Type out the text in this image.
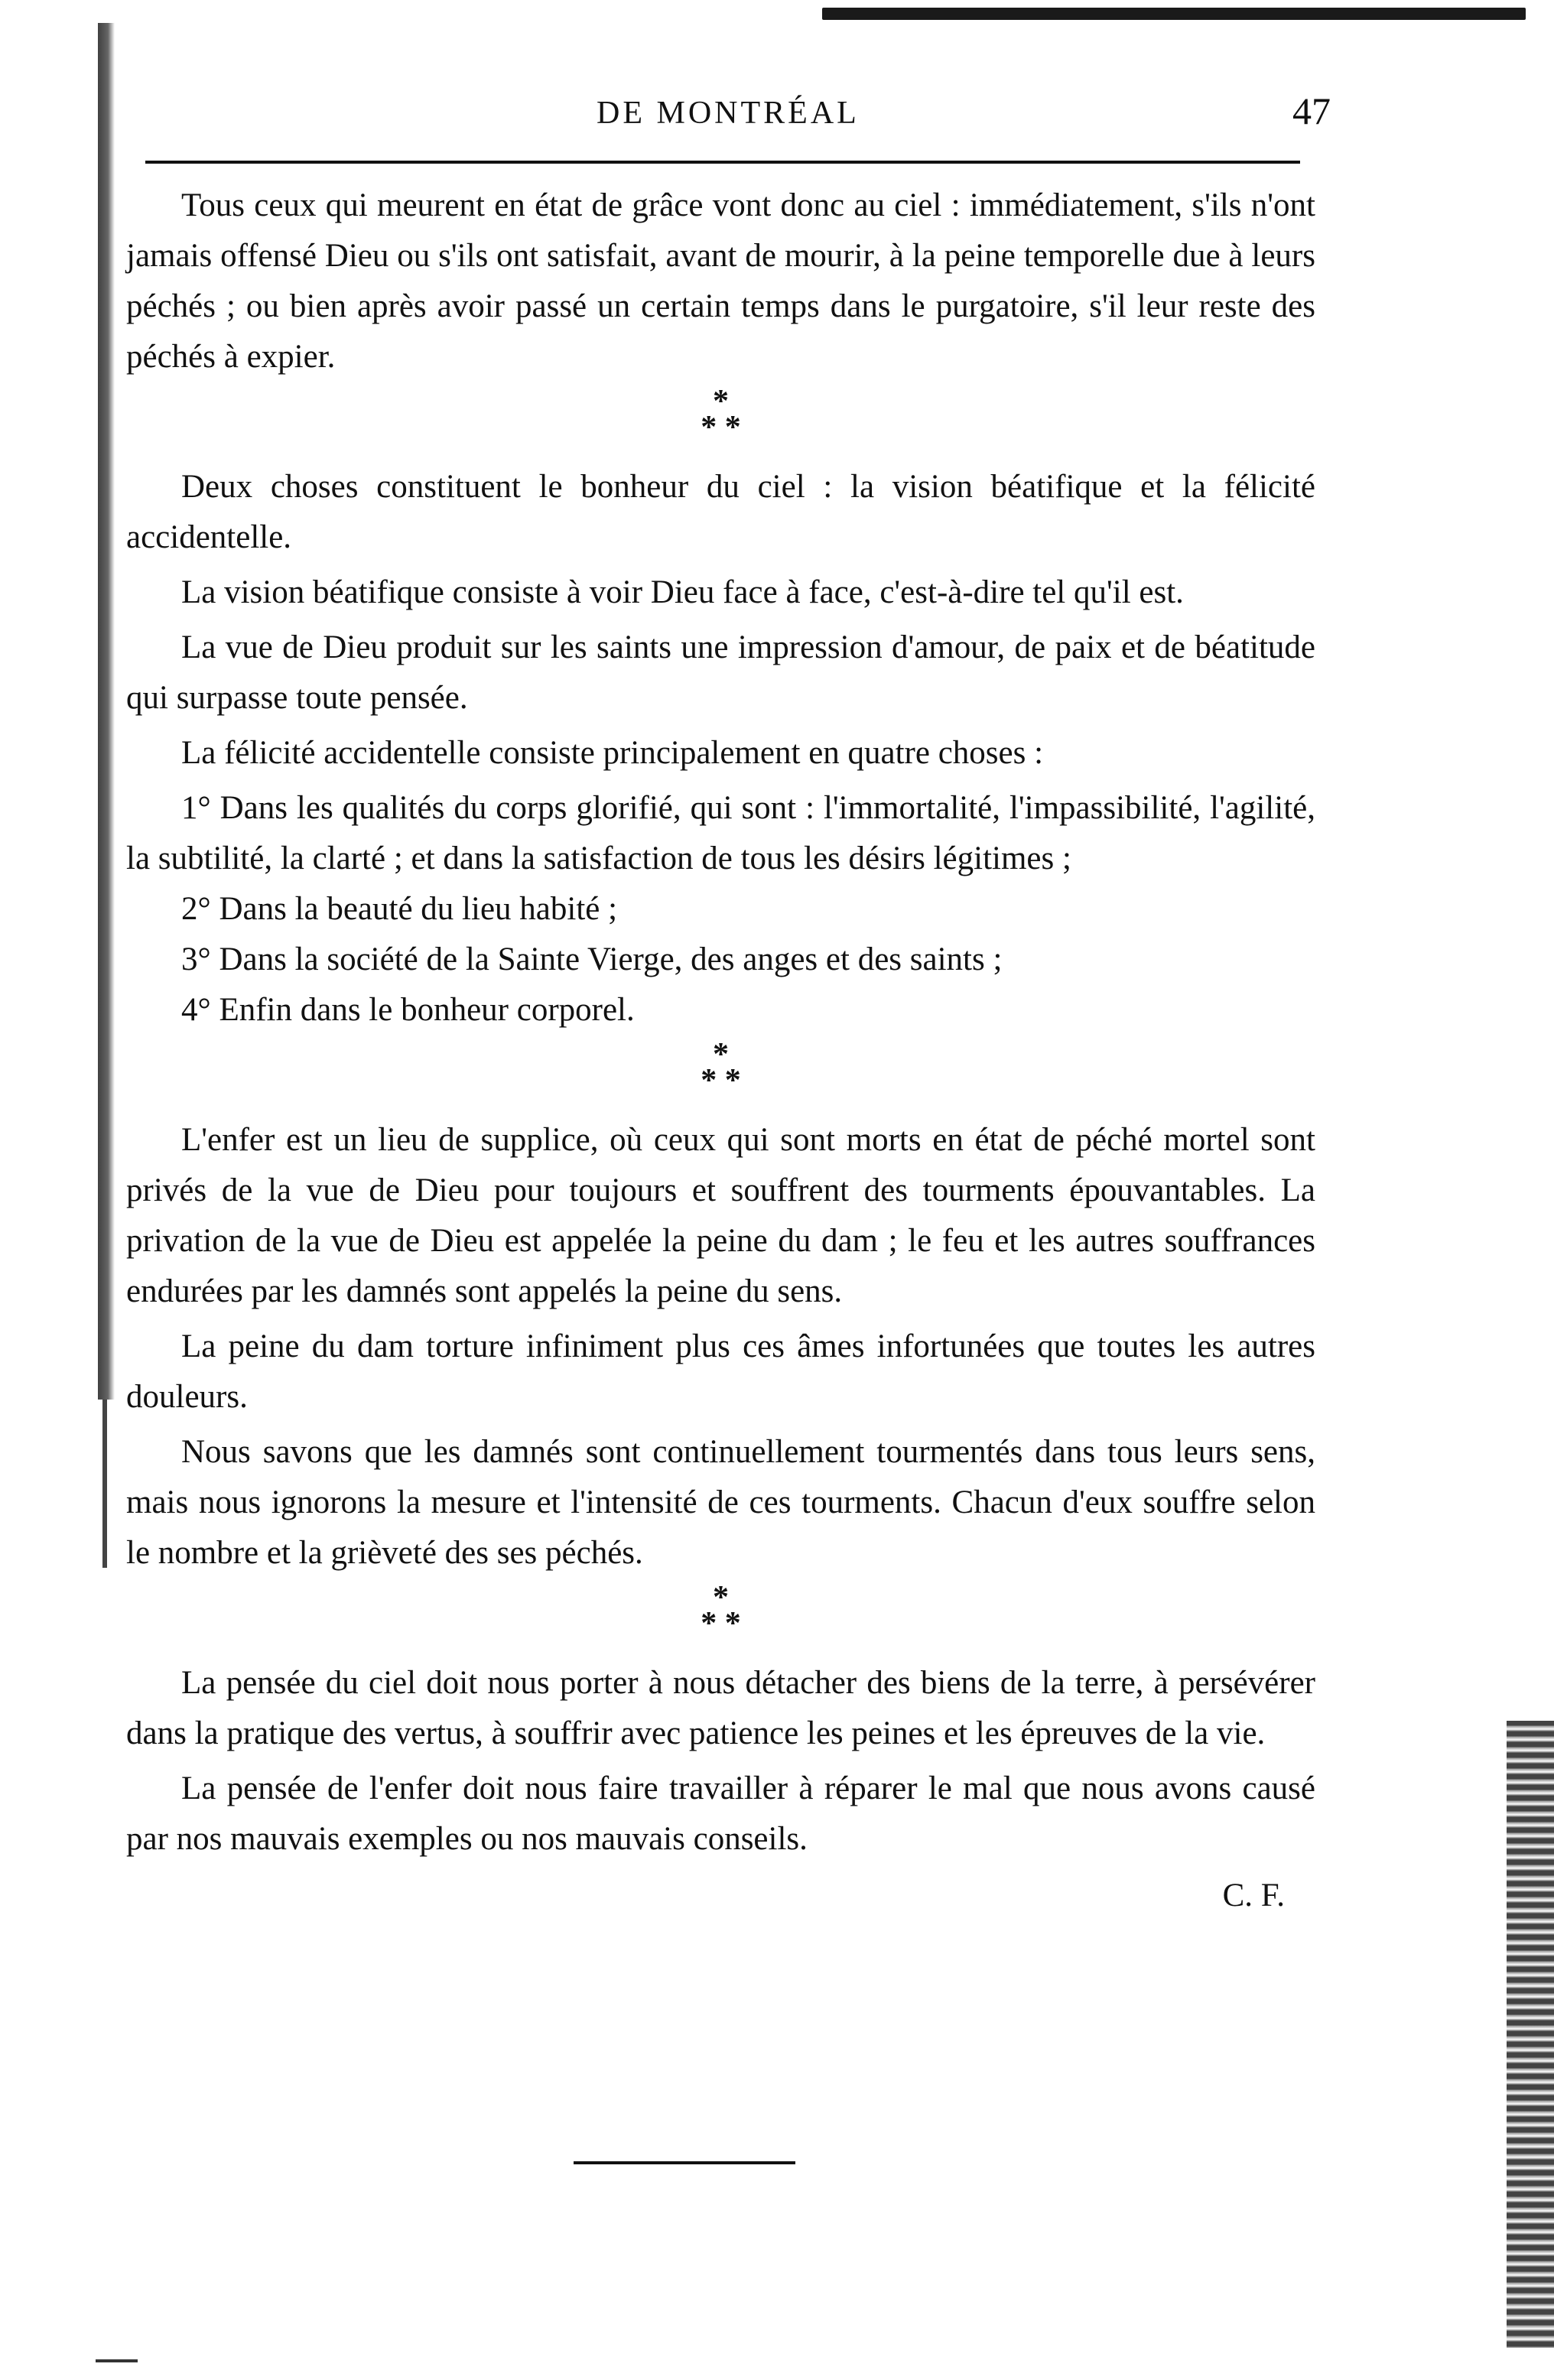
DE MONTRÉAL	47

Tous ceux qui meurent en état de grâce vont donc au ciel : immédiatement, s'ils n'ont jamais offensé Dieu ou s'ils ont satisfait, avant de mourir, à la peine temporelle due à leurs péchés ; ou bien après avoir passé un certain temps dans le purgatoire, s'il leur reste des péchés à expier.

*
* *

Deux choses constituent le bonheur du ciel : la vision béatifique et la félicité accidentelle.

La vision béatifique consiste à voir Dieu face à face, c'est-à-dire tel qu'il est.

La vue de Dieu produit sur les saints une impression d'amour, de paix et de béatitude qui surpasse toute pensée.

La félicité accidentelle consiste principalement en quatre choses :

1° Dans les qualités du corps glorifié, qui sont : l'immortalité, l'impassibilité, l'agilité, la subtilité, la clarté ; et dans la satisfaction de tous les désirs légitimes ;

2° Dans la beauté du lieu habité ;

3° Dans la société de la Sainte Vierge, des anges et des saints ;

4° Enfin dans le bonheur corporel.

*
* *

L'enfer est un lieu de supplice, où ceux qui sont morts en état de péché mortel sont privés de la vue de Dieu pour toujours et souffrent des tourments épouvantables. La privation de la vue de Dieu est appelée la peine du dam ; le feu et les autres souffrances endurées par les damnés sont appelés la peine du sens.

La peine du dam torture infiniment plus ces âmes infortunées que toutes les autres douleurs.

Nous savons que les damnés sont continuellement tourmentés dans tous leurs sens, mais nous ignorons la mesure et l'intensité de ces tourments. Chacun d'eux souffre selon le nombre et la grièveté des ses péchés.

*
* *

La pensée du ciel doit nous porter à nous détacher des biens de la terre, à persévérer dans la pratique des vertus, à souffrir avec patience les peines et les épreuves de la vie.

La pensée de l'enfer doit nous faire travailler à réparer le mal que nous avons causé par nos mauvais exemples ou nos mauvais conseils.

C. F.
